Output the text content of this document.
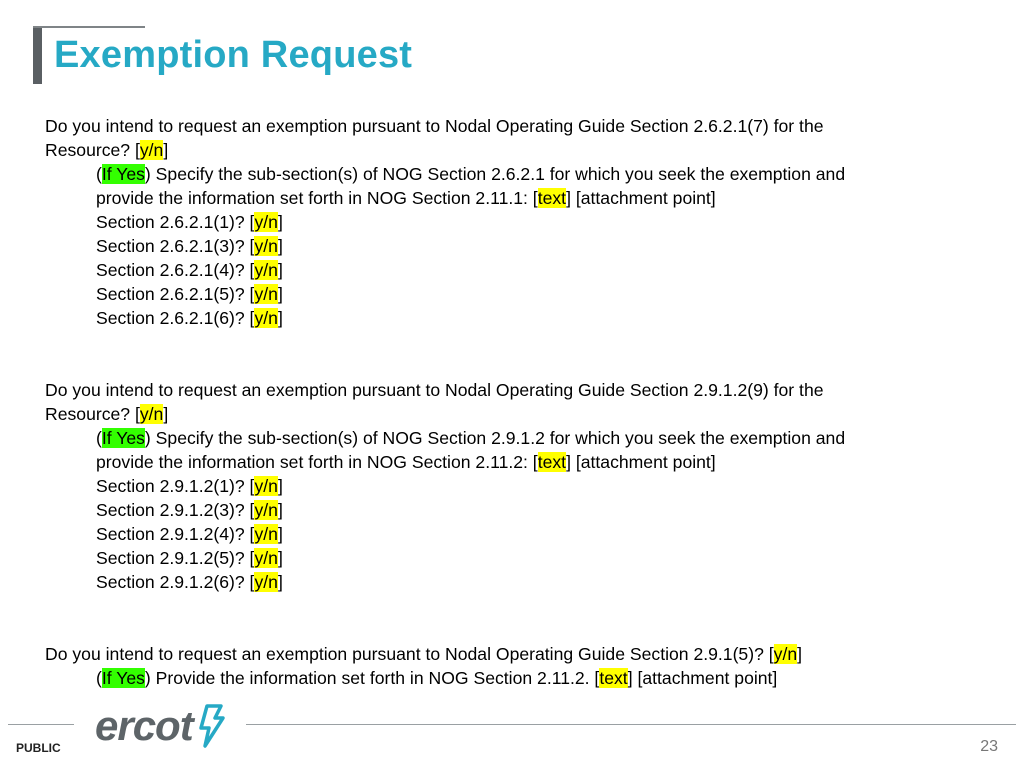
Exemption Request
Do you intend to request an exemption pursuant to Nodal Operating Guide Section 2.6.2.1(7) for the
Resource? [y/n]
(If Yes) Specify the sub-section(s) of NOG Section 2.6.2.1 for which you seek the exemption and
provide the information set forth in NOG Section 2.11.1: [text] [attachment point]
Section 2.6.2.1(1)? [y/n]
Section 2.6.2.1(3)? [y/n]
Section 2.6.2.1(4)? [y/n]
Section 2.6.2.1(5)? [y/n]
Section 2.6.2.1(6)? [y/n]
Do you intend to request an exemption pursuant to Nodal Operating Guide Section 2.9.1.2(9) for the
Resource? [y/n]
(If Yes) Specify the sub-section(s) of NOG Section 2.9.1.2 for which you seek the exemption and
provide the information set forth in NOG Section 2.11.2: [text] [attachment point]
Section 2.9.1.2(1)? [y/n]
Section 2.9.1.2(3)? [y/n]
Section 2.9.1.2(4)? [y/n]
Section 2.9.1.2(5)? [y/n]
Section 2.9.1.2(6)? [y/n]
Do you intend to request an exemption pursuant to Nodal Operating Guide Section 2.9.1(5)? [y/n]
(If Yes) Provide the information set forth in NOG Section 2.11.2. [text] [attachment point]
ercot
PUBLIC	23
